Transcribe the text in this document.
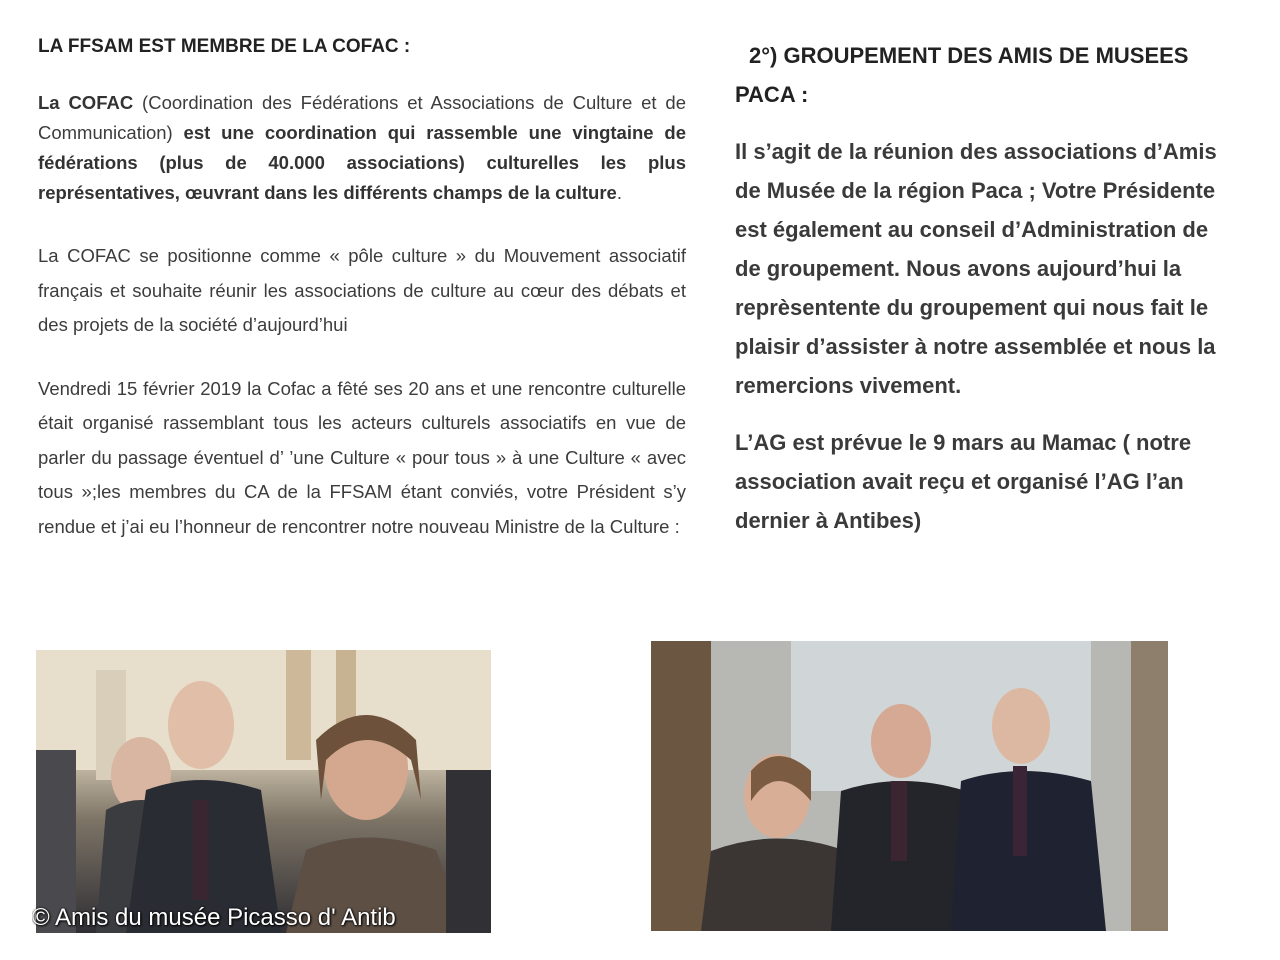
LA FFSAM EST MEMBRE DE LA COFAC :

La COFAC (Coordination des Fédérations et Associations de Culture et de Communication) est une coordination qui rassemble une vingtaine de fédérations (plus de 40.000 associations) culturelles les plus représentatives, œuvrant dans les différents champs de la culture.

La COFAC se positionne comme « pôle culture » du Mouvement associatif français et souhaite réunir les associations de culture au cœur des débats et des projets de la société d’aujourd’hui

Vendredi 15 février 2019 la Cofac a fêté ses 20 ans et une rencontre culturelle était organisé rassemblant tous les acteurs culturels associatifs en vue de parler du passage éventuel d’ ’une Culture « pour tous » à une Culture « avec tous »;les membres du CA de la FFSAM étant conviés, votre Président s’y rendue et j’ai eu l’honneur de rencontrer notre nouveau Ministre de la Culture :

2°) GROUPEMENT DES AMIS DE MUSEES PACA :

Il s’agit de la réunion des associations d’Amis de Musée de la région Paca ; Votre Présidente est également au conseil d’Administration de de groupement. Nous avons aujourd’hui la reprèsentente du groupement qui nous fait le plaisir d’assister à notre assemblée et nous la remercions vivement.

L’AG est prévue le 9 mars au Mamac ( notre association avait reçu et organisé l’AG l’an dernier à Antibes)

© Amis du musée Picasso d' Antib
